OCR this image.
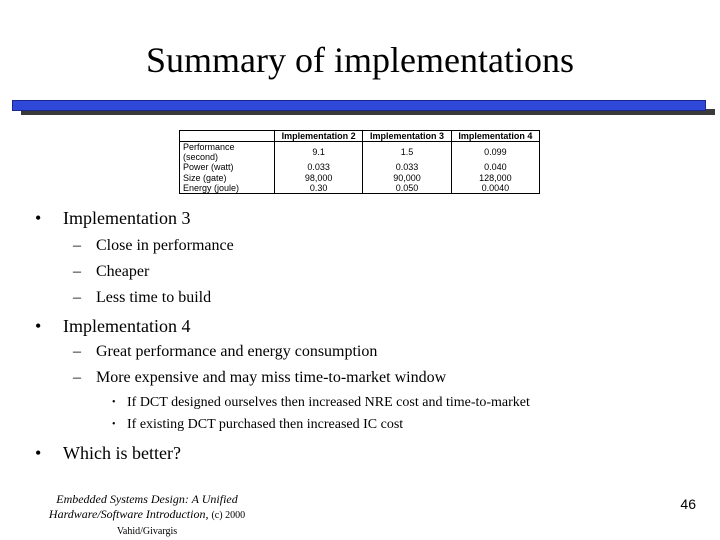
Summary of implementations
	Implementation 2	Implementation 3	Implementation 4
Performance (second)	9.1	1.5	0.099
Power (watt)	0.033	0.033	0.040
Size (gate)	98,000	90,000	128,000
Energy (joule)	0.30	0.050	0.0040
• Implementation 3
– Close in performance
– Cheaper
– Less time to build
• Implementation 4
– Great performance and energy consumption
– More expensive and may miss time-to-market window
• If DCT designed ourselves then increased NRE cost and time-to-market
• If existing DCT purchased then increased IC cost
• Which is better?
Embedded Systems Design: A Unified
Hardware/Software Introduction, (c) 2000 Vahid/Givargis
46
